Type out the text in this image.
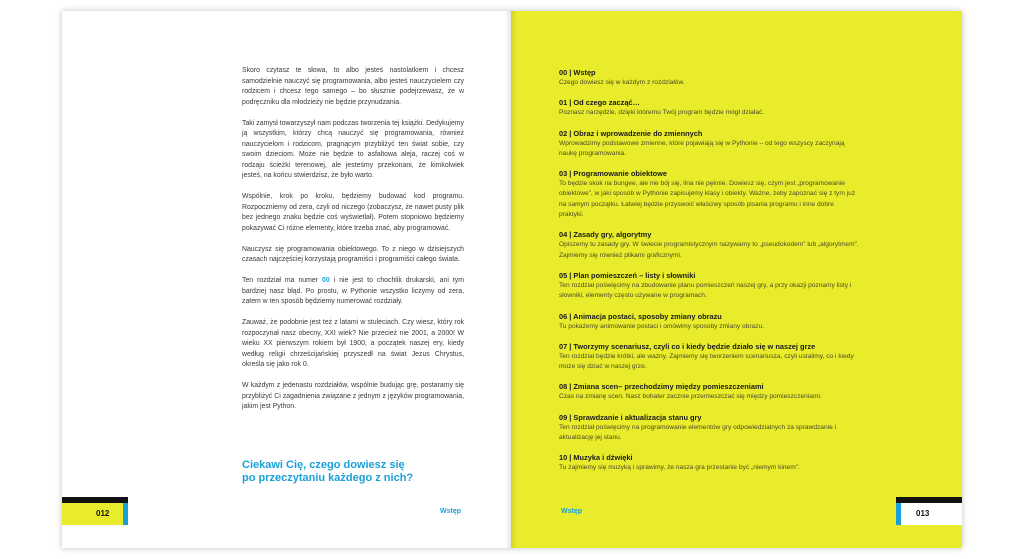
Skoro czytasz te słowa, to albo jesteś nastolatkiem i chcesz samodzielnie nauczyć się programowania, albo jesteś nauczycielem czy rodzicem i chcesz tego samego – bo słusznie podejrzewasz, że w podręczniku dla młodzieży nie będzie przynudzania.

Taki zamysł towarzyszył nam podczas tworzenia tej książki. Dedykujemy ją wszystkim, którzy chcą nauczyć się programowania, również nauczycielom i rodzicom, pragnącym przybliżyć ten świat sobie, czy swoim dzieciom. Może nie będzie to asfaltowa aleja, raczej coś w rodzaju ścieżki terenowej, ale jesteśmy przekonani, że kimkolwiek jesteś, na końcu stwierdzisz, że było warto.

Wspólnie, krok po kroku, będziemy budować kod programu. Rozpoczniemy od zera, czyli od niczego (zobaczysz, że nawet pusty plik bez jednego znaku będzie coś wyświetlał). Potem stopniowo będziemy pokazywać Ci różne elementy, które trzeba znać, aby programować.

Nauczysz się programowania obiektowego. To z niego w dzisiejszych czasach najczęściej korzystają programiści i programiści całego świata.

Ten rozdział ma numer 00 i nie jest to chochlik drukarski, ani tym bardziej nasz błąd. Po prostu, w Pythonie wszystko liczymy od zera, zatem w ten sposób będziemy numerować rozdziały.

Zauważ, że podobnie jest też z latami w stuleciach. Czy wiesz, który rok rozpoczynał nasz obecny, XXI wiek? Nie przecież nie 2001, a 2000! W wieku XX pierwszym rokiem był 1900, a początek naszej ery, kiedy według religii chrześcijańskiej przyszedł na świat Jezus Chrystus, określa się jako rok 0.

W każdym z jedenastu rozdziałów, wspólnie budując grę, postaramy się przybliżyć Ci zagadnienia związane z jednym z języków programowania, jakim jest Python.

Ciekawi Cię, czego dowiesz się
po przeczytaniu każdego z nich?
012	Wstęp
00 | Wstęp
Czego dowiesz się w każdym z rozdziałów.
01 | Od czego zacząć…
Poznasz narzędzie, dzięki któremu Twój program będzie mógł działać.
02 | Obraz i wprowadzenie do zmiennych
Wprowadzimy podstawowe zmienne, które pojawiają się w Pythonie – od tego wszyscy zaczynają naukę programowania.
03 | Programowanie obiektowe
To będzie skok na bungee, ale nie bój się, lina nie pęknie. Dowiesz się, czym jest „programowanie obiektowe”, w jaki sposób w Pythonie zapisujemy klasy i obiekty. Ważne, żeby zapoznać się z tym już na samym początku. Łatwiej będzie przyswoić właściwy sposób pisania programu i inne dobre praktyki.
04 | Zasady gry, algorytmy
Opiszemy tu zasady gry. W świecie programistycznym nazywamy to „pseudokodem” lub „algorytmem”. Zajmiemy się również plikami graficznymi.
05 | Plan pomieszczeń – listy i słowniki
Ten rozdział poświęcimy na zbudowanie planu pomieszczeń naszej gry, a przy okazji poznamy listy i słowniki, elementy często używane w programach.
06 | Animacja postaci, sposoby zmiany obrazu
Tu pokażemy animowanie postaci i omówimy sposoby zmiany obrazu.
07 | Tworzymy scenariusz, czyli co i kiedy będzie działo się w naszej grze
Ten rozdział będzie krótki, ale ważny. Zajmiemy się tworzeniem scenariusza, czyli ustalimy, co i kiedy może się dziać w naszej grze.
08 | Zmiana scen– przechodzimy między pomieszczeniami
Czas na zmianę scen. Nasz bohater zacznie przemieszczać się między pomieszczeniami.
09 | Sprawdzanie i aktualizacja stanu gry
Ten rozdział poświęcimy na programowanie elementów gry odpowiedzialnych za sprawdzanie i aktualizację jej stanu.
10 | Muzyka i dźwięki
Tu zajmiemy się muzyką i sprawimy, że nasza gra przestanie być „niemym kinem”.
Wstęp	013
